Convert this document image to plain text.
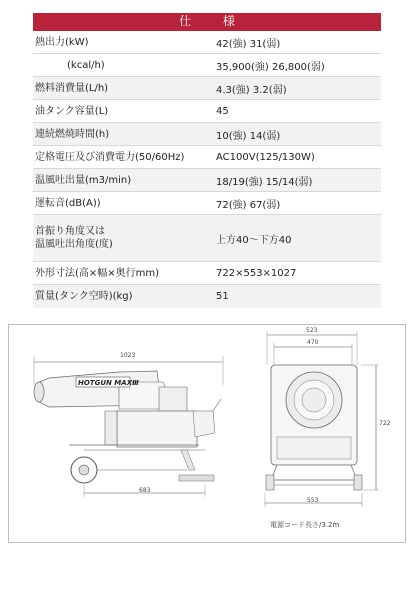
仕 様
熱出力(kW)	42(強) 31(弱)
(kcal/h)	35,900(強) 26,800(弱)
燃料消費量(L/h)	4.3(強) 3.2(弱)
油タンク容量(L)	45
連続燃焼時間(h)	10(強) 14(弱)
定格電圧及び消費電力(50/60Hz)	AC100V(125/130W)
温風吐出量(m3/min)	18/19(強) 15/14(弱)
運転音(dB(A))	72(強) 67(弱)
首振り角度又は
温風吐出角度(度)	上方40〜下方40
外形寸法(高×幅×奥行mm)	722×553×1027
質量(タンク空時)(kg)	51
HOTGUN MAXⅢ
1023
683
523
470
553
722
電源コード長さ/3.2m
